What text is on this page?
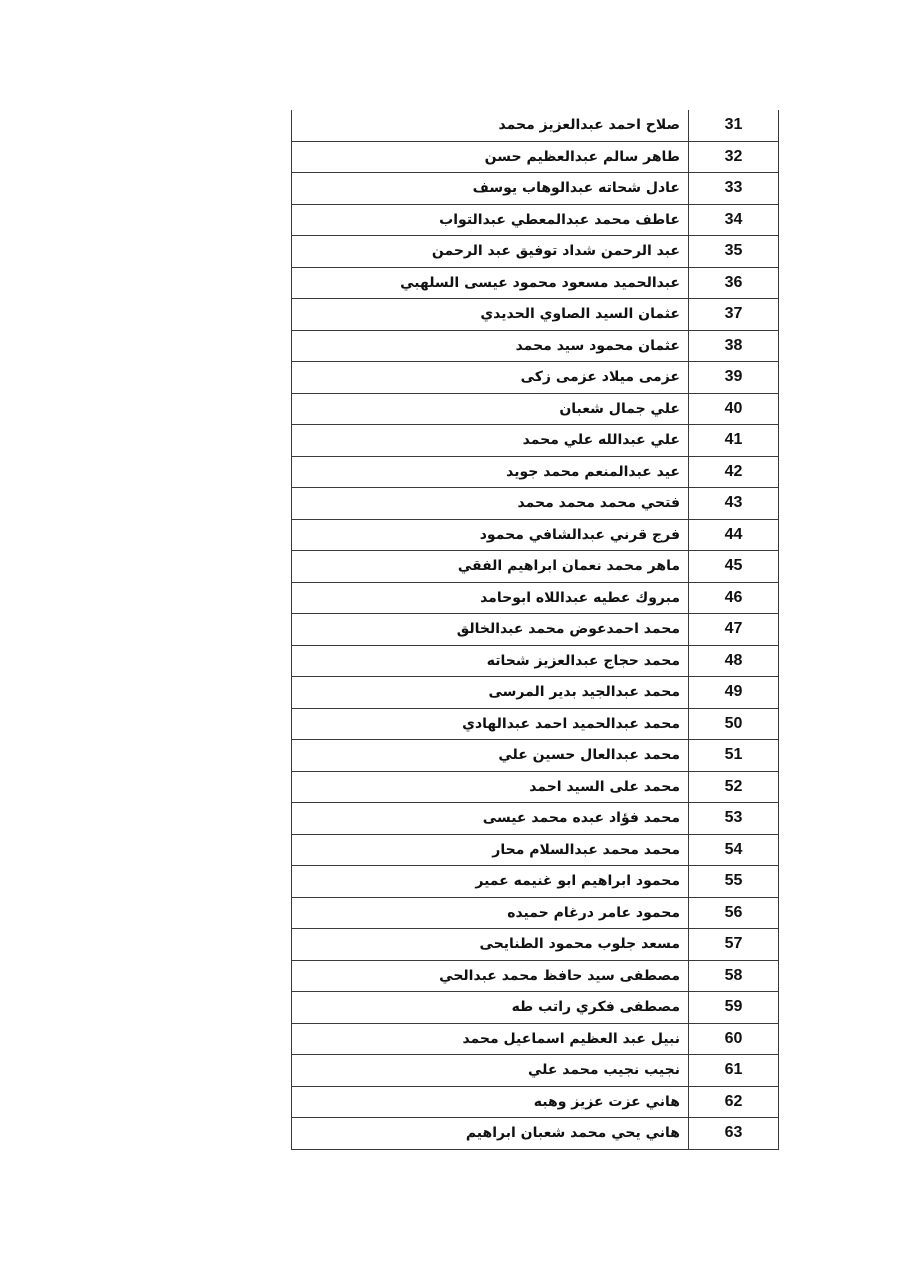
صلاح احمد عبدالعزيز محمد	31
طاهر سالم عبدالعظيم حسن	32
عادل شحاته عبدالوهاب يوسف	33
عاطف محمد عبدالمعطي عبدالتواب	34
عبد الرحمن شداد توفيق عبد الرحمن	35
عبدالحميد مسعود محمود عيسى السلهبي	36
عثمان السيد الصاوي الحديدي	37
عثمان محمود سيد محمد	38
عزمى ميلاد عزمى زكى	39
علي جمال شعبان	40
علي عبدالله علي محمد	41
عيد عبدالمنعم محمد جويد	42
فتحي محمد محمد محمد	43
فرج قرني عبدالشافي محمود	44
ماهر محمد نعمان ابراهيم الفقي	45
مبروك عطيه عبداللاه ابوحامد	46
محمد احمدعوض محمد عبدالخالق	47
محمد حجاج عبدالعزيز شحاته	48
محمد عبدالجيد بدير المرسى	49
محمد عبدالحميد احمد عبدالهادي	50
محمد عبدالعال حسين علي	51
محمد على السيد احمد	52
محمد فؤاد عبده محمد عيسى	53
محمد محمد عبدالسلام محار	54
محمود ابراهيم ابو غنيمه عمير	55
محمود عامر درغام حميده	56
مسعد جلوب محمود الطنايحى	57
مصطفى سيد حافظ محمد عبدالحي	58
مصطفى فكري راتب طه	59
نبيل عبد العظيم اسماعيل محمد	60
نجيب نجيب محمد علي	61
هاني عزت عزيز وهبه	62
هاني يحي محمد شعبان ابراهيم	63
